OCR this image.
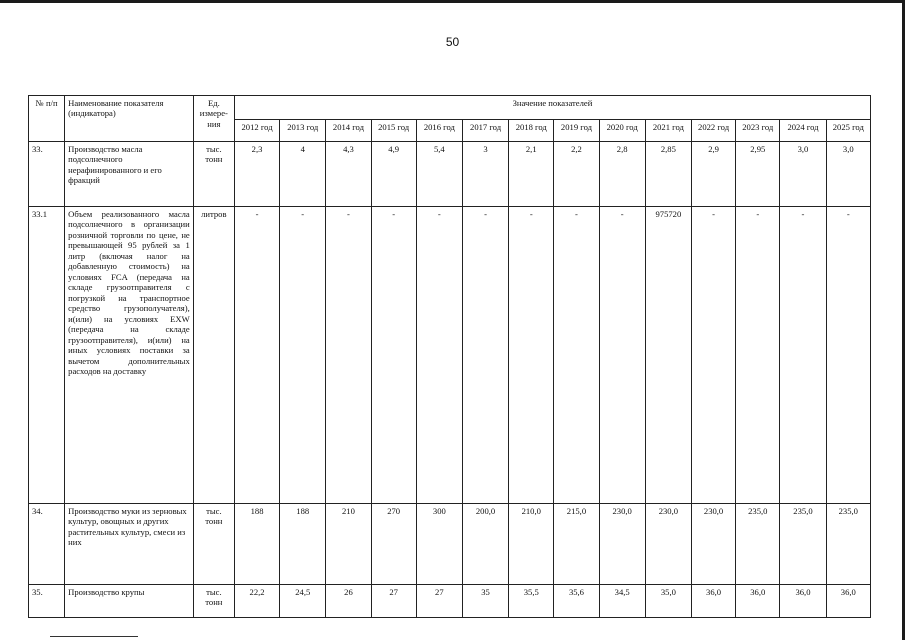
50
№ п/п	Наименование показателя (индикатора)	Ед. измере-ния	Значение показателей													
			2012 год	2013 год	2014 год	2015 год	2016 год	2017 год	2018 год	2019 год	2020 год	2021 год	2022 год	2023 год	2024 год	2025 год
33.	Производство масла подсолнечного нерафинированного и его фракций	тыс. тонн	2,3	4	4,3	4,9	5,4	3	2,1	2,2	2,8	2,85	2,9	2,95	3,0	3,0
33.1	Объем реализованного масла подсолнечного в организации розничной торговли по цене, не превышающей 95 рублей за 1 литр (включая налог на добавленную стоимость) на условиях FCA (передача на складе грузоотправителя с погрузкой на транспортное средство грузополучателя), и(или) на условиях EXW (передача на складе грузоотправителя), и(или) на иных условиях поставки за вычетом дополнительных расходов на доставку	литров	-	-	-	-	-	-	-	-	-	975720	-	-	-	-
34.	Производство муки из зерновых культур, овощных и других растительных культур, смеси из них	тыс. тонн	188	188	210	270	300	200,0	210,0	215,0	230,0	230,0	230,0	235,0	235,0	235,0
35.	Производство крупы	тыс. тонн	22,2	24,5	26	27	27	35	35,5	35,6	34,5	35,0	36,0	36,0	36,0	36,0
